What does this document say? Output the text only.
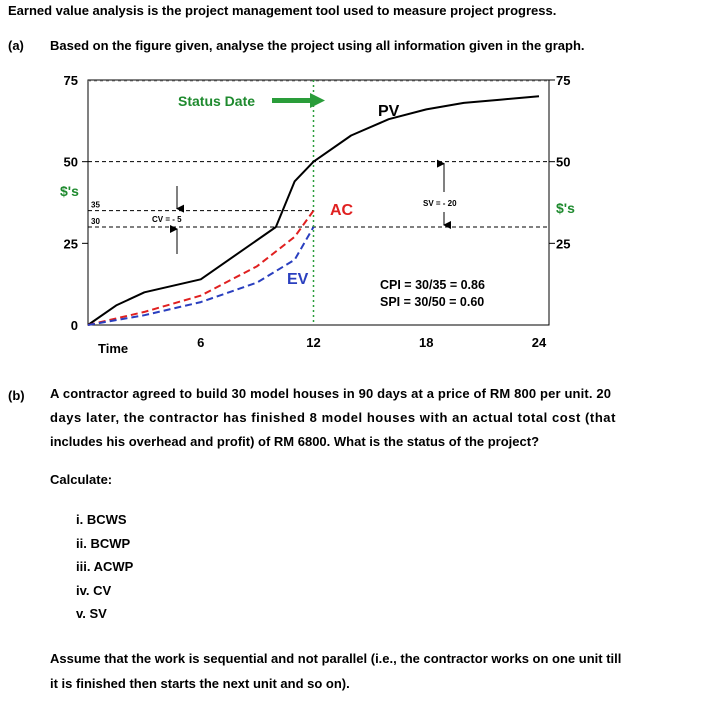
Earned value analysis is the project management tool used to measure project progress.
(a) Based on the figure given, analyse the project using all information given in the graph.
0
25
50
75
25
50
75
$'s
$'s
35
30
6	12	18	24
Time
PV
AC
EV
Status Date
CV = - 5
SV = - 20
CPI = 30/35 = 0.86
SPI = 30/50 = 0.60
(b) A contractor agreed to build 30 model houses in 90 days at a price of RM 800 per unit. 20
days later, the contractor has finished 8 model houses with an actual total cost (that
includes his overhead and profit) of RM 6800. What is the status of the project?
Calculate:
i. BCWS
ii. BCWP
iii. ACWP
iv. CV
v. SV
Assume that the work is sequential and not parallel (i.e., the contractor works on one unit till
it is finished then starts the next unit and so on).
